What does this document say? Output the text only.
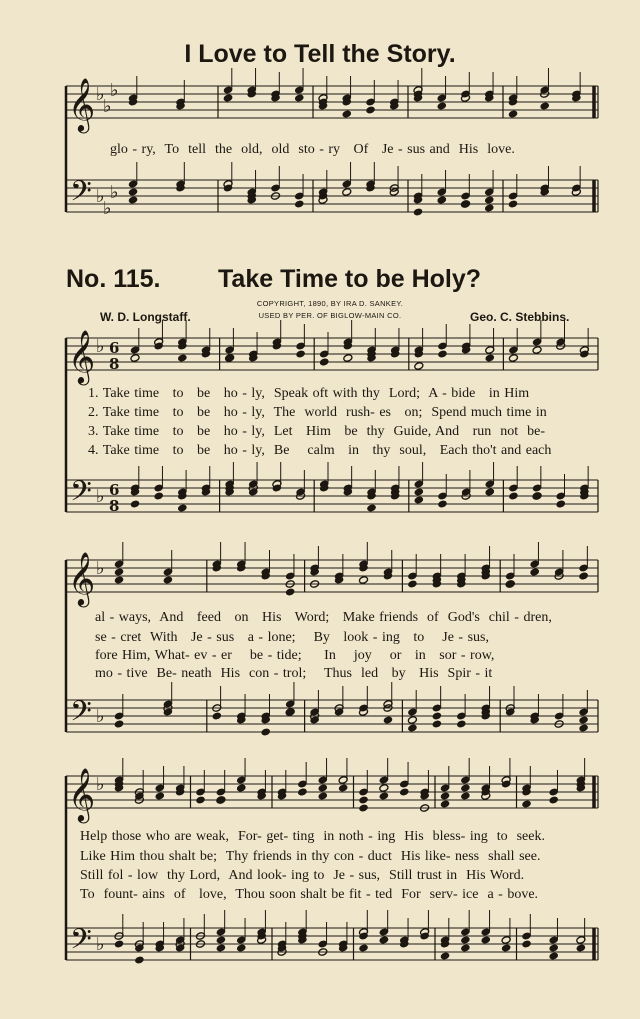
I Love to Tell the Story.
No. 115. Take Time to be Holy?
W. D. Longstaff.	Geo. C. Stebbins.
COPYRIGHT, 1890, BY IRA D. SANKEY.
USED BY PER. OF BIGLOW-MAIN CO.
glo - ry,  To  tell  the  old,  old  sto - ry   Of   Je - sus and  His  love.
1. Take time   to   be   ho - ly,  Speak oft with thy  Lord;  A - bide   in Him
2. Take time   to   be   ho - ly,  The  world  rush- es   on;  Spend much time in
3. Take time   to   be   ho - ly,  Let   Him   be  thy  Guide, And   run  not  be-
4. Take time   to   be   ho - ly,  Be    calm   in   thy  soul,   Each tho't and each
al - ways,  And   feed   on   His   Word;   Make friends  of  God's  chil - dren,
se - cret  With   Je - sus   a - lone;    By   look - ing   to    Je - sus,
fore Him, What- ev - er    be - tide;     In    joy    or   in   sor - row,
mo - tive  Be- neath  His  con - trol;    Thus  led   by   His  Spir - it
Help those who are weak,  For- get- ting  in noth - ing  His  bless- ing  to  seek.
Like Him thou shalt be;  Thy friends in thy con - duct  His like- ness  shall see.
Still fol - low  thy Lord,  And look- ing to  Je - sus,  Still trust in  His Word.
To  fount- ains  of   love,  Thou soon shalt be fit - ted  For  serv- ice  a - bove.
𝄞
𝄢
♭
♭
♭
♭
♭
♭
𝄞
𝄢
♭
♭
6
8
6
8
𝄞
𝄢
♭
♭
𝄞
𝄢
♭
♭
